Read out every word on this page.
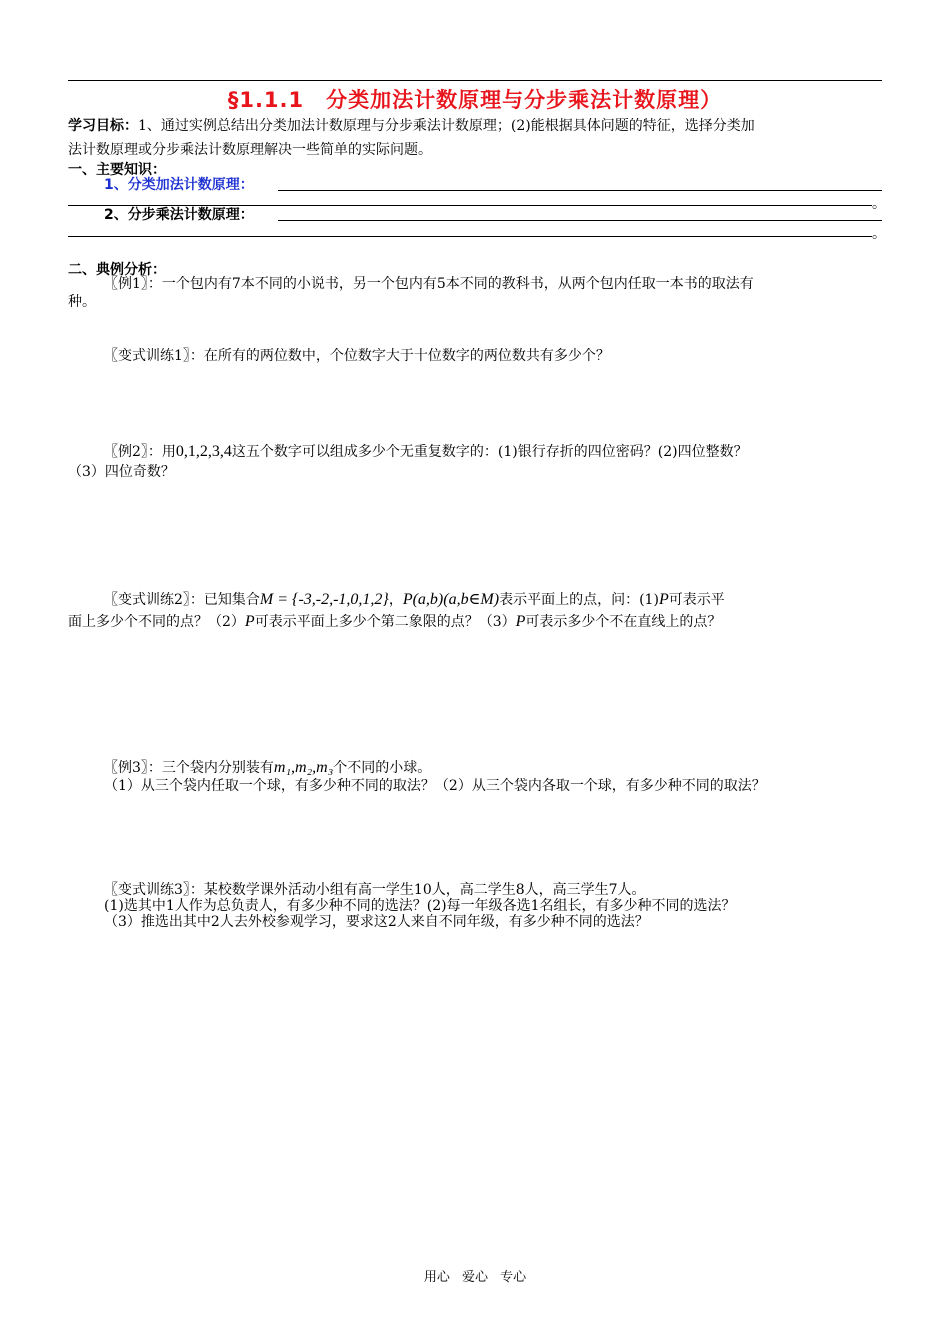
§1.1.1　分类加法计数原理与分步乘法计数原理）
学习目标：1、通过实例总结出分类加法计数原理与分步乘法计数原理；(2)能根据具体问题的特征，选择分类加
法计数原理或分步乘法计数原理解决一些简单的实际问题。
一、主要知识：
1、分类加法计数原理：
。
2、分步乘法计数原理：
。
二、典例分析：
〖例1〗：一个包内有7本不同的小说书，另一个包内有5本不同的教科书，从两个包内任取一本书的取法有
种。
〖变式训练1〗：在所有的两位数中，个位数字大于十位数字的两位数共有多少个？
〖例2〗：用0,1,2,3,4这五个数字可以组成多少个无重复数字的：(1)银行存折的四位密码？(2)四位整数？
（3）四位奇数？
〖变式训练2〗：已知集合M = {-3,-2,-1,0,1,2}，P(a,b)(a,b∈M)表示平面上的点，问：(1)P可表示平
面上多少个不同的点？（2）P可表示平面上多少个第二象限的点？（3）P可表示多少个不在直线上的点？
〖例3〗：三个袋内分别装有m₁,m₂,m₃个不同的小球。
（1）从三个袋内任取一个球，有多少种不同的取法？（2）从三个袋内各取一个球，有多少种不同的取法？
〖变式训练3〗：某校数学课外活动小组有高一学生10人，高二学生8人，高三学生7人。
(1)选其中1人作为总负责人，有多少种不同的选法？(2)每一年级各选1名组长，有多少种不同的选法？
（3）推选出其中2人去外校参观学习，要求这2人来自不同年级，有多少种不同的选法？
用心 爱心 专心
